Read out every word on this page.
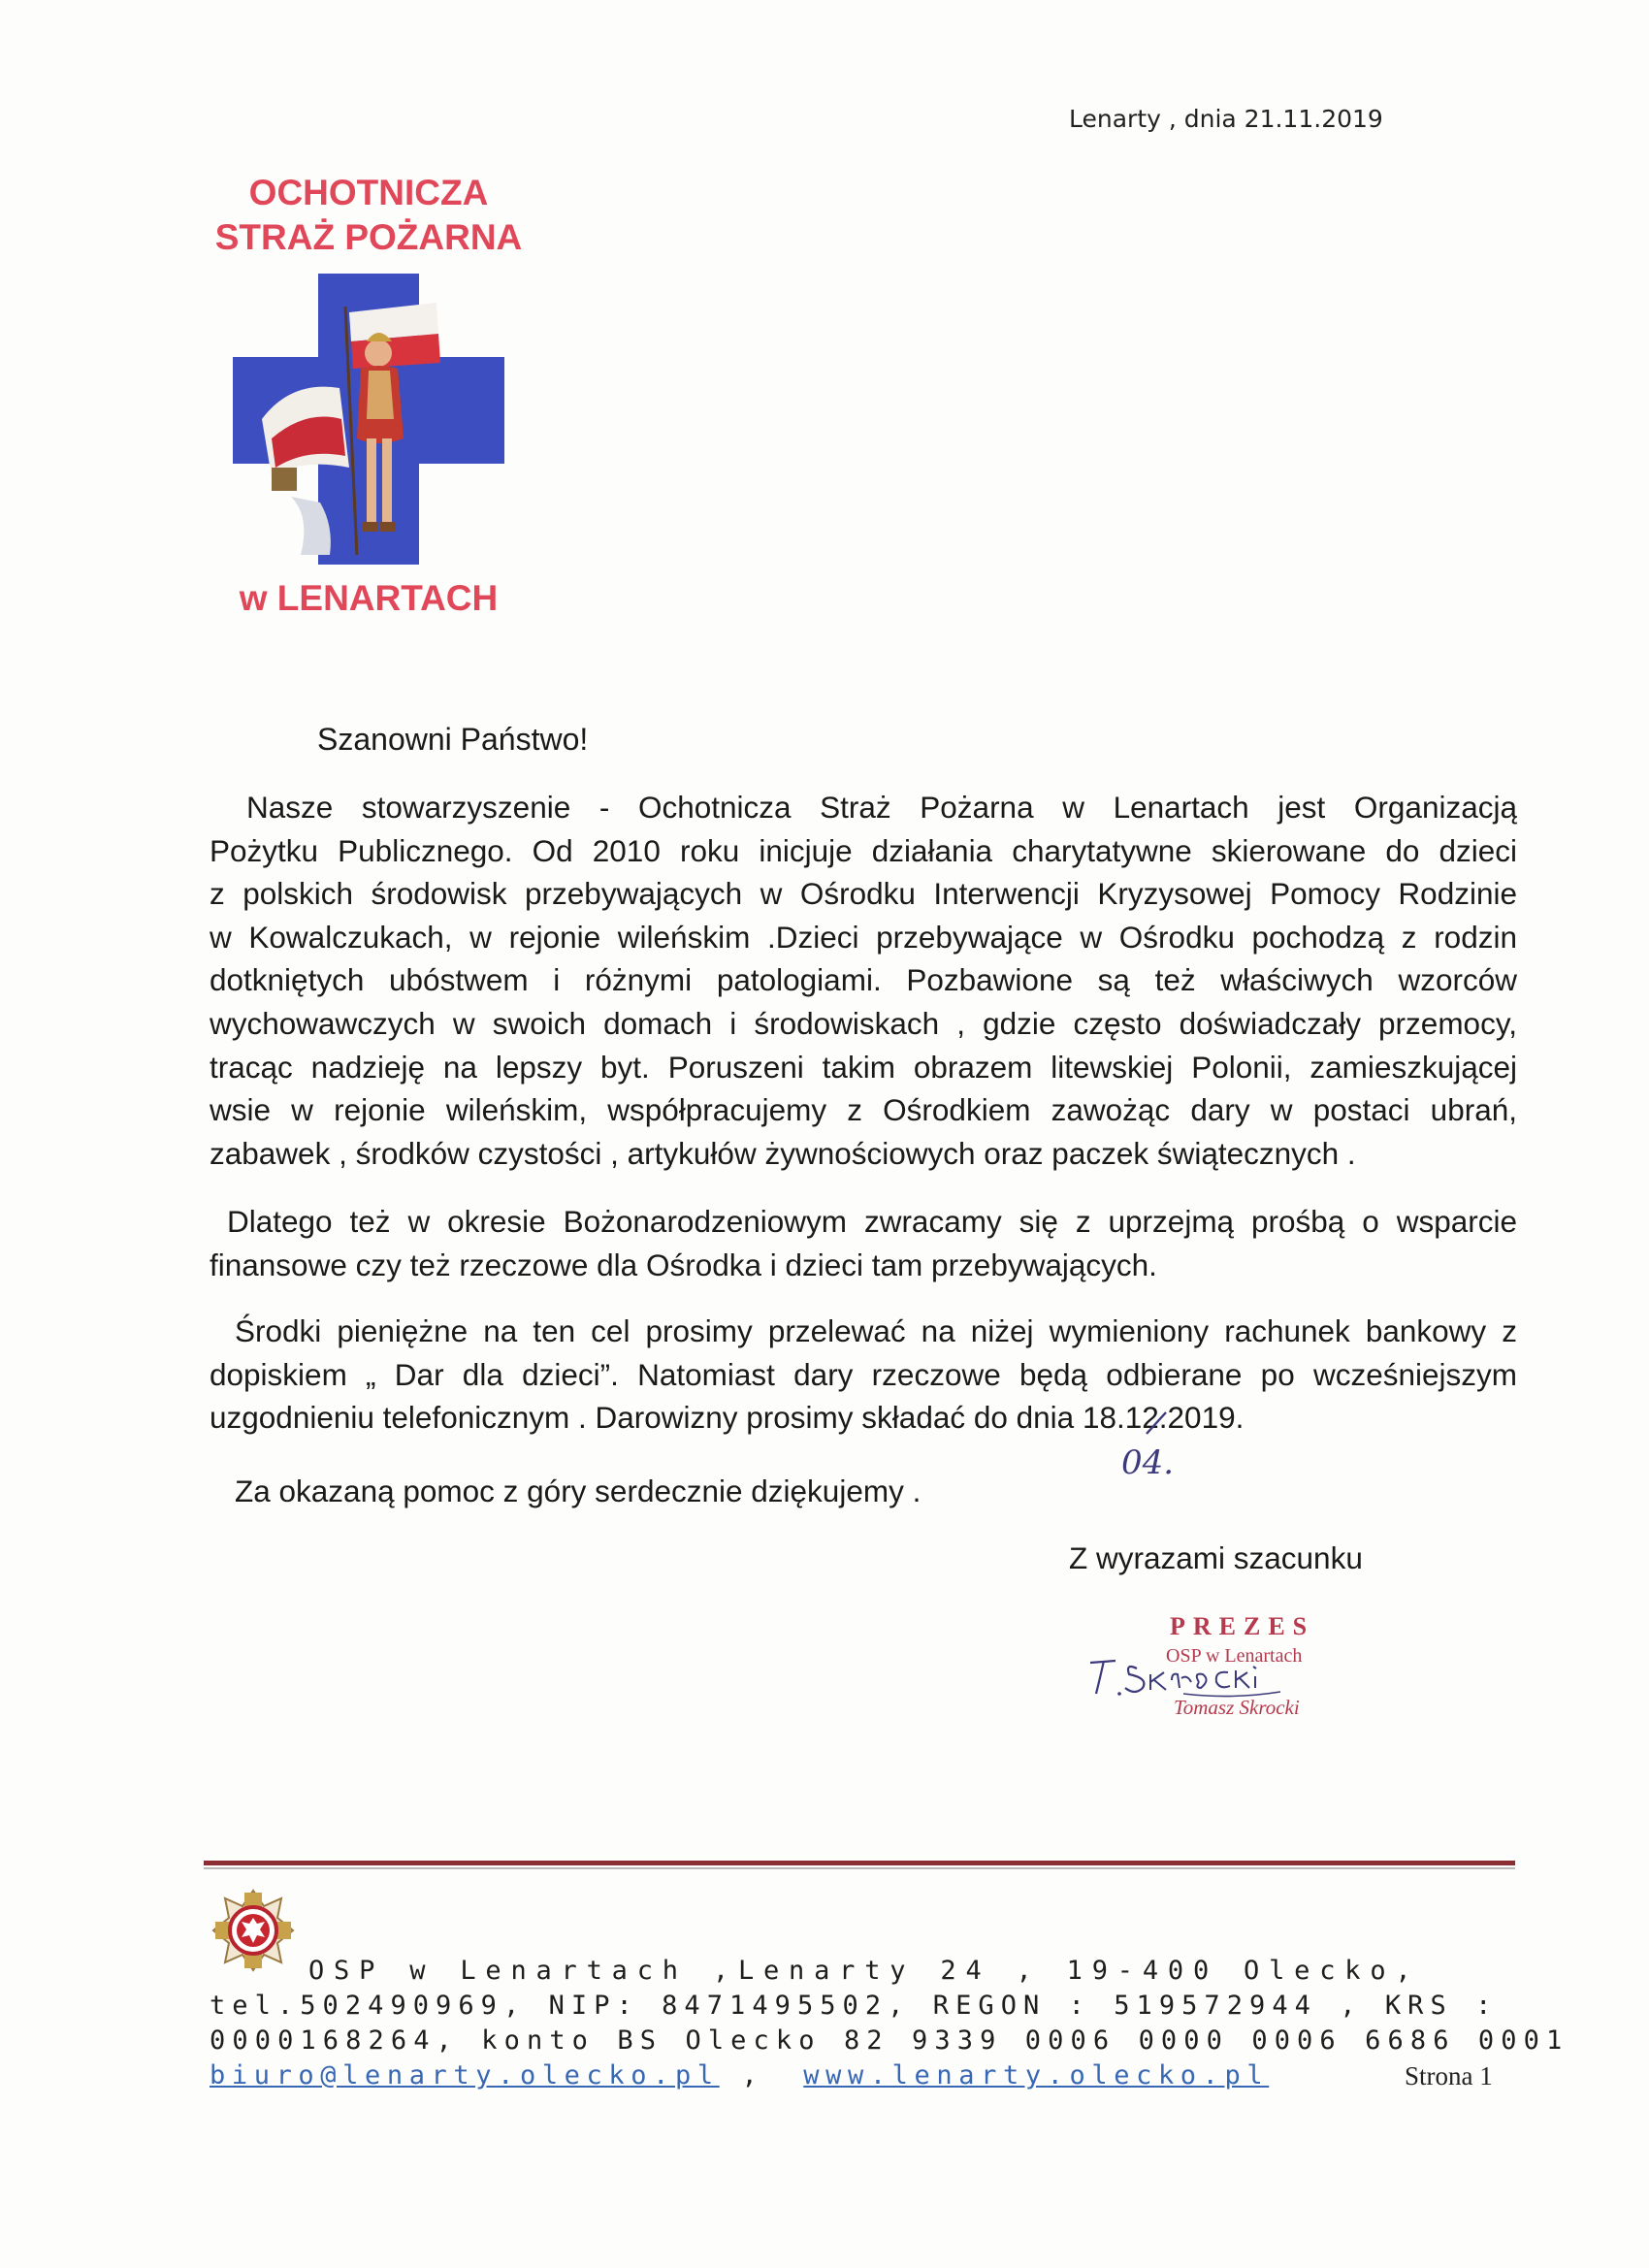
Lenarty , dnia 21.11.2019
OCHOTNICZA
STRAŻ POŻARNA
w LENARTACH
Szanowni Państwo!
Nasze stowarzyszenie - Ochotnicza Straż Pożarna w Lenartach jest Organizacją
Pożytku Publicznego. Od 2010 roku inicjuje działania charytatywne skierowane do dzieci
z polskich środowisk przebywających w Ośrodku Interwencji Kryzysowej Pomocy Rodzinie
w Kowalczukach, w rejonie wileńskim .Dzieci przebywające w Ośrodku pochodzą z rodzin
dotkniętych ubóstwem i różnymi patologiami. Pozbawione są też właściwych wzorców
wychowawczych w swoich domach i środowiskach , gdzie często doświadczały przemocy,
tracąc nadzieję na lepszy byt. Poruszeni takim obrazem litewskiej Polonii, zamieszkującej
wsie w rejonie wileńskim, współpracujemy z Ośrodkiem zawożąc dary w postaci ubrań,
zabawek , środków czystości , artykułów żywnościowych oraz paczek świątecznych .
Dlatego też w okresie Bożonarodzeniowym zwracamy się z uprzejmą prośbą o wsparcie
finansowe czy też rzeczowe dla Ośrodka i dzieci tam przebywających.
Środki pieniężne na ten cel prosimy przelewać na niżej wymieniony rachunek bankowy z
dopiskiem „ Dar dla dzieci”. Natomiast dary rzeczowe będą odbierane po wcześniejszym
uzgodnieniu telefonicznym . Darowizny prosimy składać do dnia 18.12.2019.
04.
Za okazaną pomoc z góry serdecznie dziękujemy .
Z wyrazami szacunku
PREZES
OSP w Lenartach
Tomasz Skrocki
OSP w Lenartach ,Lenarty 24 , 19-400 Olecko,
tel.502490969, NIP: 8471495502, REGON : 519572944 , KRS :
0000168264, konto BS Olecko 82 9339 0006 0000 0006 6686 0001
biuro@lenarty.olecko.pl , www.lenarty.olecko.pl	Strona 1
